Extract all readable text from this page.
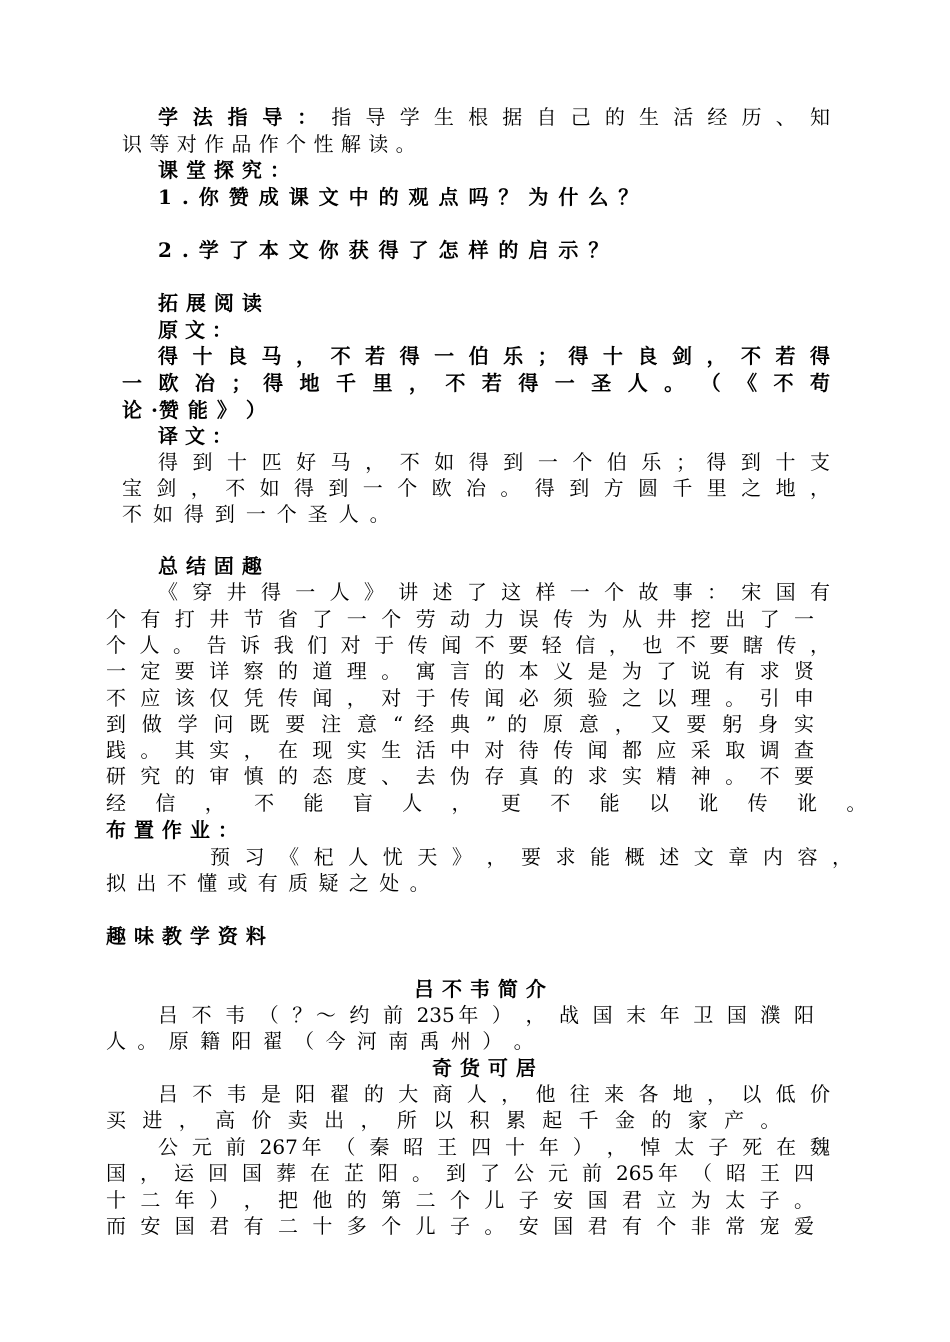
学 法 指 导 ： 指 导 学 生 根 据 自 己 的 生 活 经 历 、 知
识 等 对 作 品 作 个 性 解 读 。
课 堂 探 究 ：
1 . 你 赞 成 课 文 中 的 观 点 吗 ？ 为 什 么 ？
2 . 学 了 本 文 你 获 得 了 怎 样 的 启 示 ？
拓 展 阅 读
原 文 ：
得 十 良 马 ， 不 若 得 一 伯 乐 ； 得 十 良 剑 ， 不 若 得
一 欧 冶 ； 得 地 千 里 ， 不 若 得 一 圣 人 。 （ 《 不 苟
论 ·赞 能 》 ）
译 文 ：
得 到 十 匹 好 马 ， 不 如 得 到 一 个 伯 乐 ； 得 到 十 支
宝 剑 ， 不 如 得 到 一 个 欧 冶 。 得 到 方 圆 千 里 之 地 ，
不 如 得 到 一 个 圣 人 。
总 结 固 趣
《 穿 井 得 一 人 》 讲 述 了 这 样 一 个 故 事 ： 宋 国 有
个 有 打 井 节 省 了 一 个 劳 动 力 误 传 为 从 井 挖 出 了 一
个 人 。 告 诉 我 们 对 于 传 闻 不 要 轻 信 ， 也 不 要 瞎 传 ，
一 定 要 详 察 的 道 理 。 寓 言 的 本 义 是 为 了 说 有 求 贤
不 应 该 仅 凭 传 闻 ， 对 于 传 闻 必 须 验 之 以 理 。 引 申
到 做 学 问 既 要 注 意 “ 经 典 ” 的 原 意 ， 又 要 躬 身 实
践 。 其 实 ， 在 现 实 生 活 中 对 待 传 闻 都 应 采 取 调 查
研 究 的 审 慎 的 态 度 、 去 伪 存 真 的 求 实 精 神 。 不 要
经 信 ， 不 能 盲 人 ， 更 不 能 以 讹 传 讹 。
布 置 作 业 ：
预 习 《 杞 人 忧 天 》 ， 要 求 能 概 述 文 章 内 容 ，
拟 出 不 懂 或 有 质 疑 之 处 。
趣 味 教 学 资 料
吕 不 韦 简 介
吕 不 韦 （ ？～ 约 前 235年 ） ， 战 国 末 年 卫 国 濮 阳
人 。 原 籍 阳 翟 （ 今 河 南 禹 州 ） 。
奇 货 可 居
吕 不 韦 是 阳 翟 的 大 商 人 ， 他 往 来 各 地 ， 以 低 价
买 进 ， 高 价 卖 出 ， 所 以 积 累 起 千 金 的 家 产 。
公 元 前 267年 （ 秦 昭 王 四 十 年 ） ， 悼 太 子 死 在 魏
国 ， 运 回 国 葬 在 芷 阳 。 到 了 公 元 前 265年 （ 昭 王 四
十 二 年 ） ， 把 他 的 第 二 个 儿 子 安 国 君 立 为 太 子 。
而 安 国 君 有 二 十 多 个 儿 子 。 安 国 君 有 个 非 常 宠 爱
